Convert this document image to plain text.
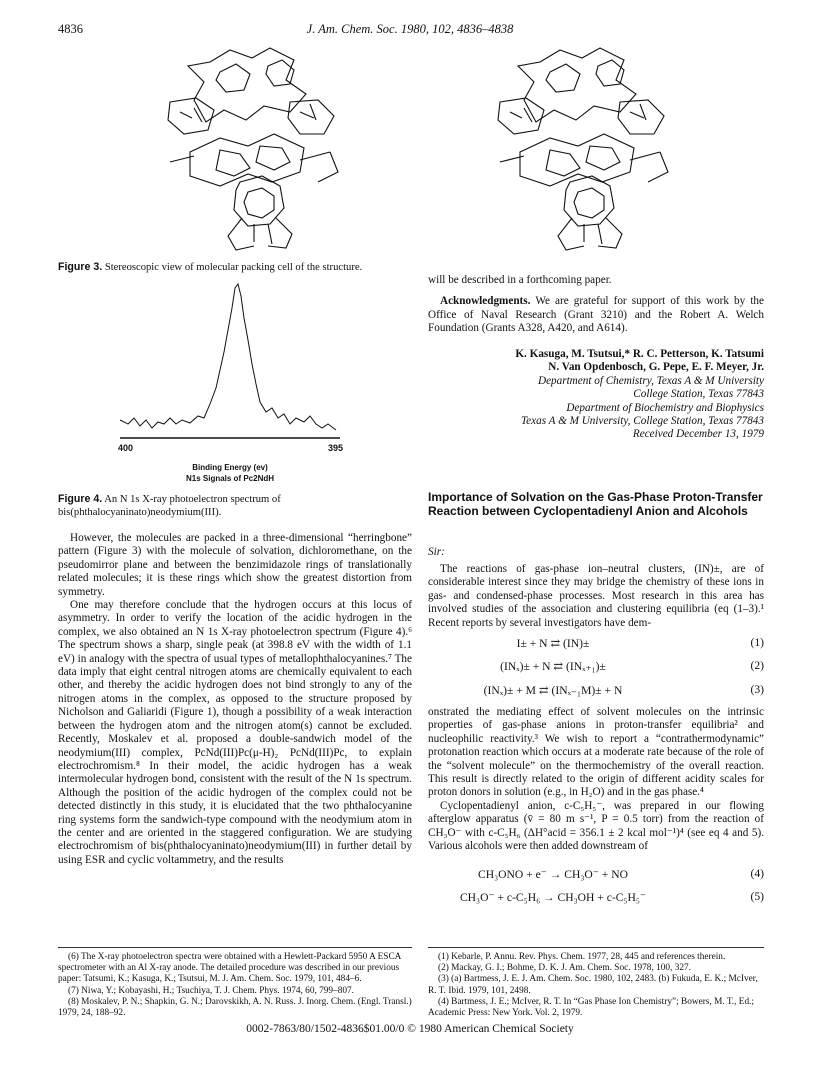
4836	J. Am. Chem. Soc. 1980, 102, 4836–4838
Figure 3. Stereoscopic view of molecular packing cell of the structure.
400	395
Binding Energy (ev)
N1s Signals of Pc2NdH
Figure 4. An N 1s X-ray photoelectron spectrum of bis(phthalocyaninato)neodymium(III).

However, the molecules are packed in a three-dimensional “herringbone” pattern (Figure 3) with the molecule of solvation, dichloromethane, on the pseudomirror plane and between the benzimidazole rings of translationally related molecules; it is these rings which show the greatest distortion from symmetry.

One may therefore conclude that the hydrogen occurs at this locus of asymmetry. In order to verify the location of the acidic hydrogen in the complex, we also obtained an N 1s X-ray photoelectron spectrum (Figure 4).⁶ The spectrum shows a sharp, single peak (at 398.8 eV with the width of 1.1 eV) in analogy with the spectra of usual types of metallophthalocyanines.⁷ The data imply that eight central nitrogen atoms are chemically equivalent to each other, and thereby the acidic hydrogen does not bind strongly to any of the nitrogen atoms in the complex, as opposed to the structure proposed by Nicholson and Galiaridi (Figure 1), though a possibility of a weak interaction between the hydrogen atom and the nitrogen atom(s) cannot be excluded. Recently, Moskalev et al. proposed a double-sandwich model of the neodymium(III) complex, PcNd(III)Pc(μ-H)₂ PcNd(III)Pc, to explain electrochromism.⁸ In their model, the acidic hydrogen has a weak intermolecular hydrogen bond, consistent with the result of the N 1s spectrum. Although the position of the acidic hydrogen of the complex could not be detected distinctly in this study, it is elucidated that the two phthalocyanine ring systems form the sandwich-type compound with the neodymium atom in the center and are oriented in the staggered configuration. We are studying electrochromism of bis(phthalocyaninato)neodymium(III) in further detail by using ESR and cyclic voltammetry, and the results

(6) The X-ray photoelectron spectra were obtained with a Hewlett-Packard 5950 A ESCA spectrometer with an Al X-ray anode. The detailed procedure was described in our previous paper: Tatsumi, K.; Kasuga, K.; Tsutsui, M. J. Am. Chem. Soc. 1979, 101, 484–6.

(7) Niwa, Y.; Kobayashi, H.; Tsuchiya, T. J. Chem. Phys. 1974, 60, 799–807.

(8) Moskalev, P. N.; Shapkin, G. N.; Darovskikh, A. N. Russ. J. Inorg. Chem. (Engl. Transl.) 1979, 24, 188–92.

will be described in a forthcoming paper.

Acknowledgments. We are grateful for support of this work by the Office of Naval Research (Grant 3210) and the Robert A. Welch Foundation (Grants A328, A420, and A614).

K. Kasuga, M. Tsutsui,* R. C. Petterson, K. Tatsumi
N. Van Opdenbosch, G. Pepe, E. F. Meyer, Jr.
Department of Chemistry, Texas A & M University
College Station, Texas 77843
Department of Biochemistry and Biophysics
Texas A & M University, College Station, Texas 77843
Received December 13, 1979
Importance of Solvation on the Gas-Phase Proton-Transfer Reaction between Cyclopentadienyl Anion and Alcohols
Sir:

The reactions of gas-phase ion–neutral clusters, (IN)±, are of considerable interest since they may bridge the chemistry of these ions in gas- and condensed-phase processes. Most research in this area has involved studies of the association and clustering equilibria (eq (1–3).¹ Recent reports by several investigators have dem-

I± + N ⇄ (IN)±	(1)
(INₓ)± + N ⇄ (INₓ₊₁)±	(2)
(INₓ)± + M ⇄ (INₓ₋₁M)± + N	(3)

onstrated the mediating effect of solvent molecules on the intrinsic properties of gas-phase anions in proton-transfer equilibria² and nucleophilic reactivity.³ We wish to report a “contrathermodynamic” protonation reaction which occurs at a moderate rate because of the role of the “solvent molecule” on the thermochemistry of the overall reaction. This result is directly related to the origin of different acidity scales for proton donors in solution (e.g., in H₂O) and in the gas phase.⁴

Cyclopentadienyl anion, c-C₅H₅⁻, was prepared in our flowing afterglow apparatus (v̄ = 80 m s⁻¹, P = 0.5 torr) from the reaction of CH₃O⁻ with c-C₅H₆ (ΔH°acid = 356.1 ± 2 kcal mol⁻¹)⁴ (see eq 4 and 5). Various alcohols were then added downstream of

CH₃ONO + e⁻ → CH₃O⁻ + NO	(4)
CH₃O⁻ + c-C₅H₆ → CH₃OH + c-C₅H₅⁻	(5)

(1) Kebarle, P. Annu. Rev. Phys. Chem. 1977, 28, 445 and references therein.

(2) Mackay, G. I.; Bohme, D. K. J. Am. Chem. Soc. 1978, 100, 327.

(3) (a) Bartmess, J. E. J. Am. Chem. Soc. 1980, 102, 2483. (b) Fukuda, E. K.; McIver, R. T. Ibid. 1979, 101, 2498.

(4) Bartmess, J. E.; McIver, R. T. In “Gas Phase Ion Chemistry”; Bowers, M. T., Ed.; Academic Press: New York. Vol. 2, 1979.

0002-7863/80/1502-4836$01.00/0 © 1980 American Chemical Society
